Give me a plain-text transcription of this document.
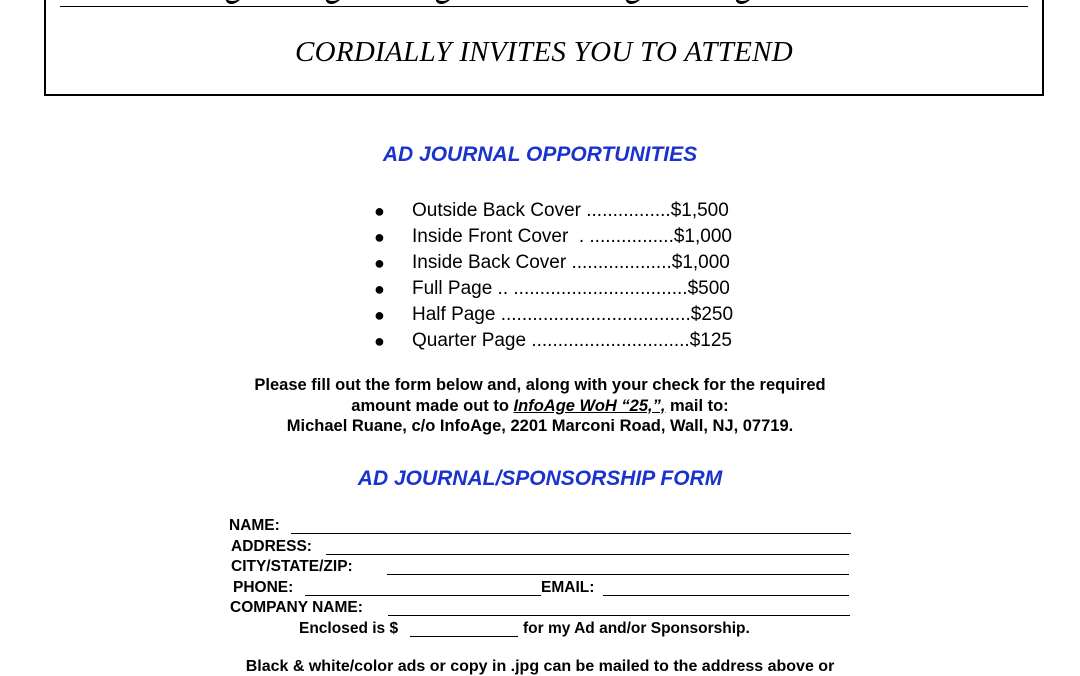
CORDIALLY INVITES YOU TO ATTEND
AD JOURNAL OPPORTUNITIES
● Outside Back Cover ................$1,500
● Inside Front Cover  . ................$1,000
● Inside Back Cover ...................$1,000
● Full Page .. .................................$500
● Half Page ....................................$250
● Quarter Page ..............................$125
Please fill out the form below and, along with your check for the required
amount made out to InfoAge WoH “25,”, mail to:
Michael Ruane, c/o InfoAge, 2201 Marconi Road, Wall, NJ, 07719.
AD JOURNAL/SPONSORSHIP FORM
NAME:
ADDRESS:
CITY/STATE/ZIP:
PHONE:	EMAIL:
COMPANY NAME:
Enclosed is $	for my Ad and/or Sponsorship.
Black & white/color ads or copy in .jpg can be mailed to the address above or
